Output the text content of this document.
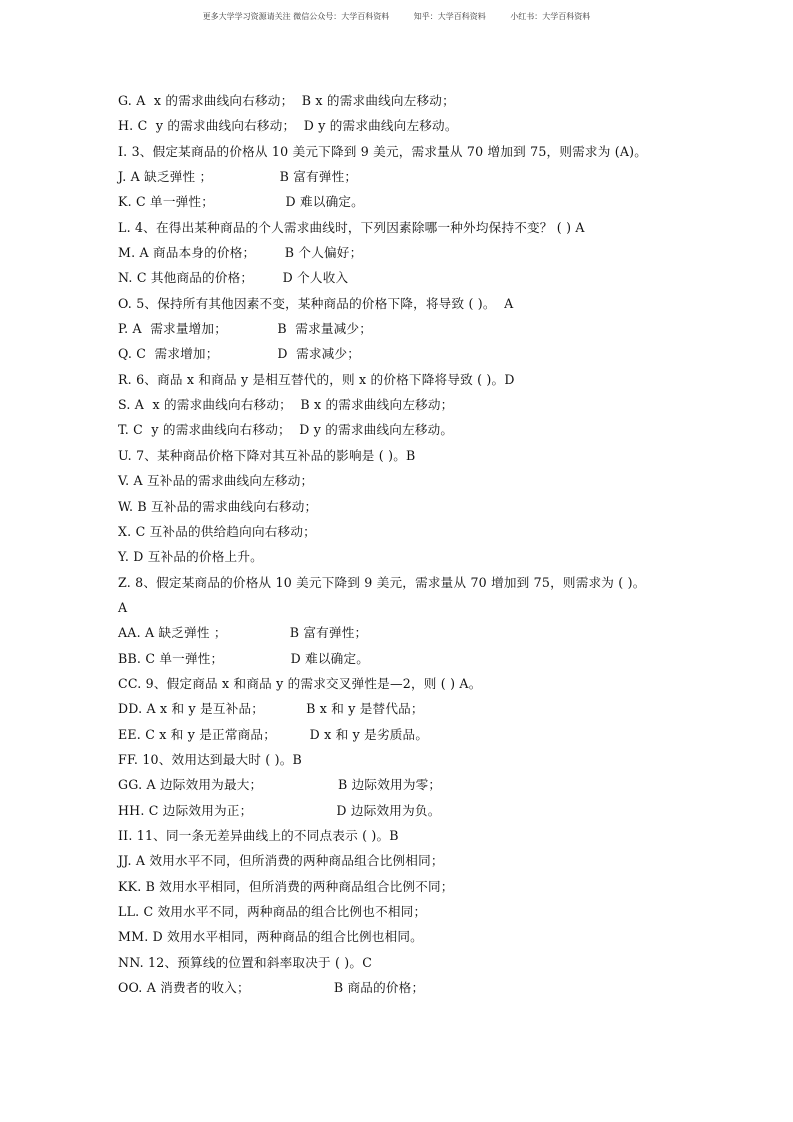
更多大学学习资源请关注 微信公众号：大学百科资料	知乎：大学百科资料	小红书：大学百科资料
G. A  x 的需求曲线向右移动；  B x 的需求曲线向左移动；
H. C  y 的需求曲线向右移动；  D y 的需求曲线向左移动。
I. 3、假定某商品的价格从 10 美元下降到 9 美元，需求量从 70 增加到 75，则需求为 (A)。
J. A 缺乏弹性 ；                B 富有弹性；
K. C 单一弹性；                 D 难以确定。
L. 4、在得出某种商品的个人需求曲线时，下列因素除哪一种外均保持不变？ ( ) A
M. A 商品本身的价格；       B 个人偏好；
N. C 其他商品的价格；       D 个人收入
O. 5、保持所有其他因素不变，某种商品的价格下降，将导致 ( )。  A
P. A  需求量增加；            B  需求量减少；
Q. C  需求增加；              D  需求减少；
R. 6、商品 x 和商品 y 是相互替代的，则 x 的价格下降将导致 ( )。D
S. A  x 的需求曲线向右移动；  B x 的需求曲线向左移动；
T. C  y 的需求曲线向右移动；  D y 的需求曲线向左移动。
U. 7、某种商品价格下降对其互补品的影响是 ( )。B
V. A 互补品的需求曲线向左移动；
W. B 互补品的需求曲线向右移动；
X. C 互补品的供给趋向向右移动；
Y. D 互补品的价格上升。
Z. 8、假定某商品的价格从 10 美元下降到 9 美元，需求量从 70 增加到 75，则需求为 ( )。
A
AA. A 缺乏弹性 ；               B 富有弹性；
BB. C 单一弹性；                D 难以确定。
CC. 9、假定商品 x 和商品 y 的需求交叉弹性是—2，则 ( ) A。
DD. A x 和 y 是互补品；          B x 和 y 是替代品；
EE. C x 和 y 是正常商品；        D x 和 y 是劣质品。
FF. 10、效用达到最大时 ( )。B
GG. A 边际效用为最大；                  B 边际效用为零；
HH. C 边际效用为正；                    D 边际效用为负。
II. 11、同一条无差异曲线上的不同点表示 ( )。B
JJ. A 效用水平不同，但所消费的两种商品组合比例相同；
KK. B 效用水平相同，但所消费的两种商品组合比例不同；
LL. C 效用水平不同，两种商品的组合比例也不相同；
MM. D 效用水平相同，两种商品的组合比例也相同。
NN. 12、预算线的位置和斜率取决于 ( )。C
OO. A 消费者的收入；                    B 商品的价格；
